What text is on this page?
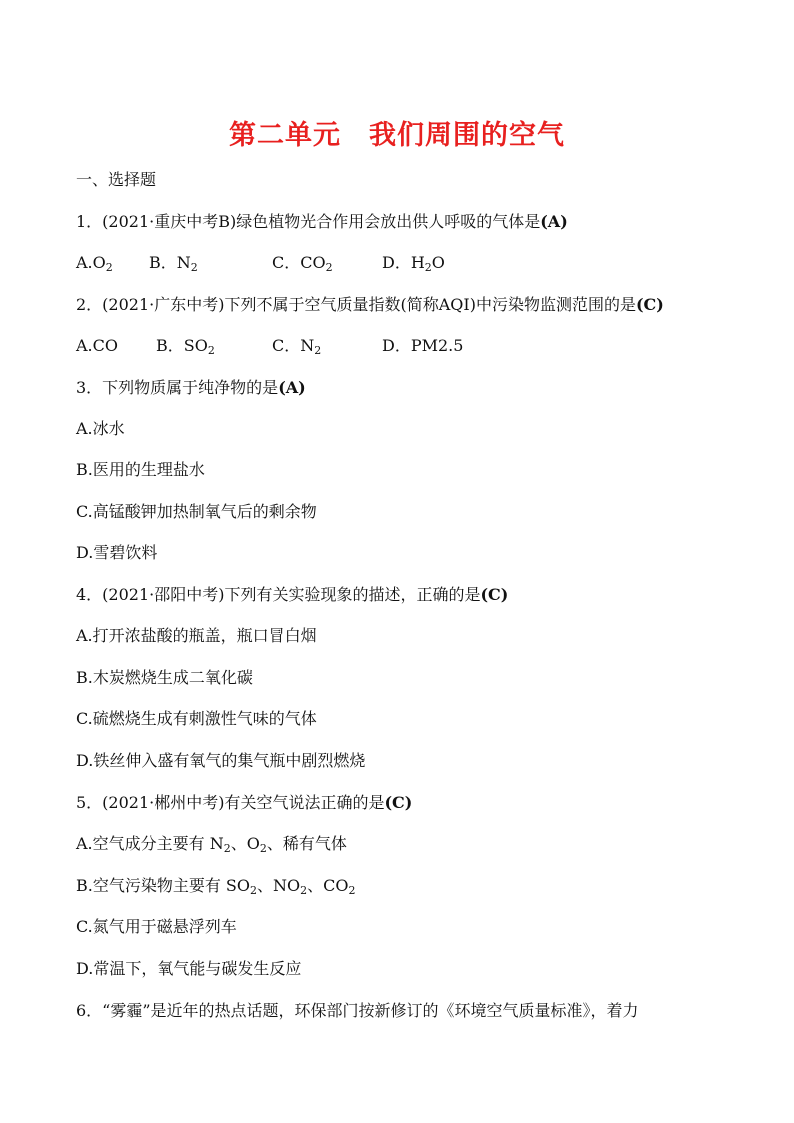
第二单元　我们周围的空气
一、选择题
1．(2021·重庆中考B)绿色植物光合作用会放出供人呼吸的气体是(A)

$A.O_2$

B．$N_2$

	C．$CO_2$

	D．$H_2O$

2．(2021·广东中考)下列不属于空气质量指数(简称AQI)中污染物监测范围的是(C)

A.CO

B．$SO_2$

	C．$N_2$

	D．PM2.5

3．下列物质属于纯净物的是(A)
A.冰水
B.医用的生理盐水
C.高锰酸钾加热制氧气后的剩余物
D.雪碧饮料
4．(2021·邵阳中考)下列有关实验现象的描述，正确的是(C)
A.打开浓盐酸的瓶盖，瓶口冒白烟
B.木炭燃烧生成二氧化碳
C.硫燃烧生成有刺激性气味的气体
D.铁丝伸入盛有氧气的集气瓶中剧烈燃烧
5．(2021·郴州中考)有关空气说法正确的是(C)
A.空气成分主要有 $N_2$、$O_2$、稀有气体
B.空气污染物主要有 $SO_2$、$NO_2$、$CO_2$
C.氮气用于磁悬浮列车
D.常温下，氧气能与碳发生反应
6．“雾霾”是近年的热点话题，环保部门按新修订的《环境空气质量标准》，着力
